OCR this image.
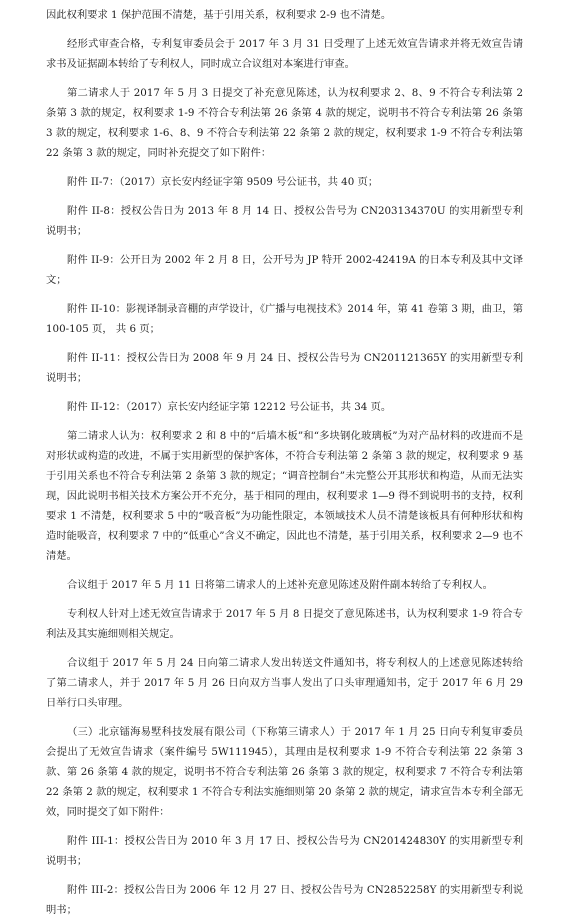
因此权利要求 1 保护范围不清楚，基于引用关系，权利要求 2-9 也不清楚。

经形式审查合格，专利复审委员会于 2017 年 3 月 31 日受理了上述无效宣告请求并将无效宣告请求书及证据副本转给了专利权人，同时成立合议组对本案进行审查。

第二请求人于 2017 年 5 月 3 日提交了补充意见陈述，认为权利要求 2、8、9 不符合专利法第 2 条第 3 款的规定，权利要求 1-9 不符合专利法第 26 条第 4 款的规定，说明书不符合专利法第 26 条第 3 款的规定，权利要求 1-6、8、9 不符合专利法第 22 条第 2 款的规定，权利要求 1-9 不符合专利法第 22 条第 3 款的规定，同时补充提交了如下附件：

附件 II-7：（2017）京长安内经证字第 9509 号公证书，共 40 页；

附件 II-8：授权公告日为 2013 年 8 月 14 日、授权公告号为 CN203134370U 的实用新型专利说明书；

附件 II-9：公开日为 2002 年 2 月 8 日，公开号为 JP 特开 2002-42419A 的日本专利及其中文译文；

附件 II-10：影视译制录音棚的声学设计，《广播与电视技术》2014 年，第 41 卷第 3 期，曲卫，第 100-105 页， 共 6 页；

附件 II-11：授权公告日为 2008 年 9 月 24 日、授权公告号为 CN201121365Y 的实用新型专利说明书；

附件 II-12：（2017）京长安内经证字第 12212 号公证书，共 34 页。

第二请求人认为：权利要求 2 和 8 中的“后墙木板”和“多块钢化玻璃板”为对产品材料的改进而不是对形状或构造的改进，不属于实用新型的保护客体，不符合专利法第 2 条第 3 款的规定，权利要求 9 基于引用关系也不符合专利法第 2 条第 3 款的规定；“调音控制台”未完整公开其形状和构造，从而无法实现，因此说明书相关技术方案公开不充分，基于相同的理由，权利要求 1—9 得不到说明书的支持，权利要求 1 不清楚，权利要求 5 中的“吸音板”为功能性限定，本领域技术人员不清楚该板具有何种形状和构造时能吸音，权利要求 7 中的“低重心”含义不确定，因此也不清楚，基于引用关系，权利要求 2—9 也不清楚。

合议组于 2017 年 5 月 11 日将第二请求人的上述补充意见陈述及附件副本转给了专利权人。

专利权人针对上述无效宣告请求于 2017 年 5 月 8 日提交了意见陈述书，认为权利要求 1-9 符合专利法及其实施细则相关规定。

合议组于 2017 年 5 月 24 日向第二请求人发出转送文件通知书，将专利权人的上述意见陈述转给了第二请求人，并于 2017 年 5 月 26 日向双方当事人发出了口头审理通知书，定于 2017 年 6 月 29 日举行口头审理。

（三）北京镭海易墅科技发展有限公司（下称第三请求人）于 2017 年 1 月 25 日向专利复审委员会提出了无效宣告请求（案件编号 5W111945），其理由是权利要求 1-9 不符合专利法第 22 条第 3 款、第 26 条第 4 款的规定，说明书不符合专利法第 26 条第 3 款的规定，权利要求 7 不符合专利法第 22 条第 2 款的规定，权利要求 1 不符合专利法实施细则第 20 条第 2 款的规定，请求宣告本专利全部无效，同时提交了如下附件：

附件 III-1：授权公告日为 2010 年 3 月 17 日、授权公告号为 CN201424830Y 的实用新型专利说明书；

附件 III-2：授权公告日为 2006 年 12 月 27 日、授权公告号为 CN2852258Y 的实用新型专利说明书；
